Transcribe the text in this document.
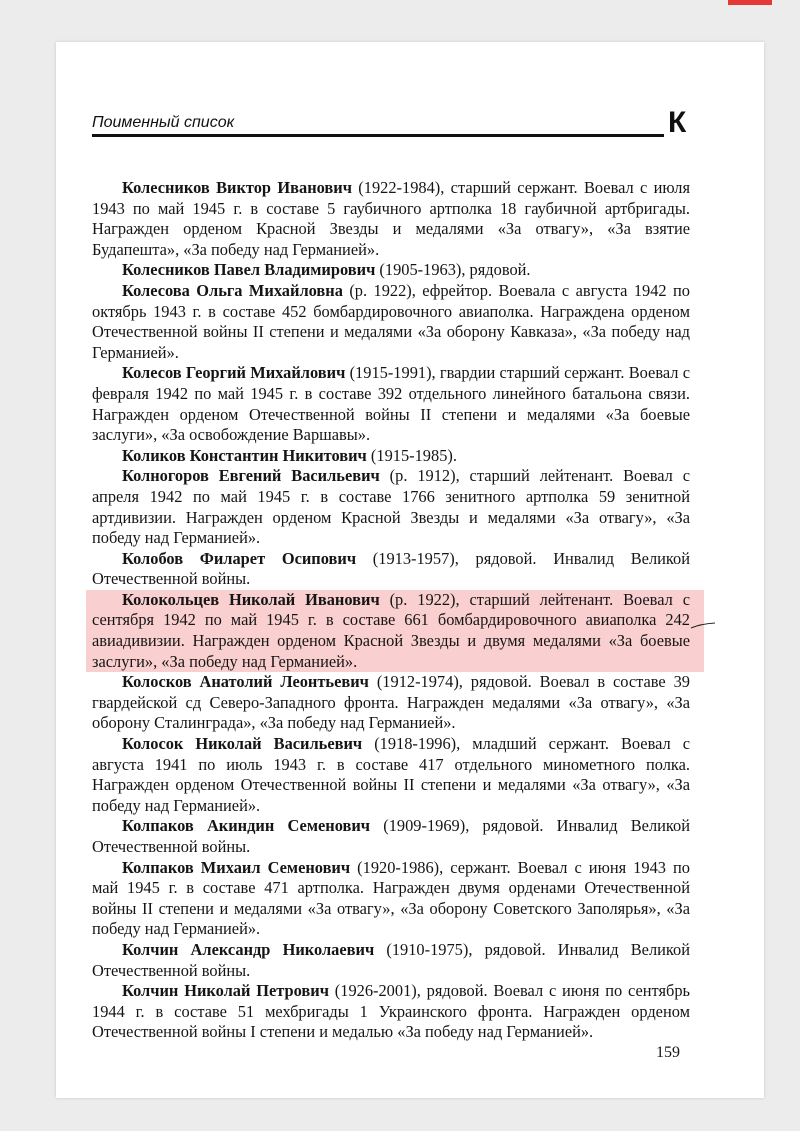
Поименный список	К

Колесников Виктор Иванович (1922-1984), старший сержант. Воевал с июля 1943 по май 1945 г. в составе 5 гаубичного артполка 18 гаубичной артбригады. Награжден орденом Красной Звезды и медалями «За отвагу», «За взятие Будапешта», «За победу над Германией».

Колесников Павел Владимирович (1905-1963), рядовой.

Колесова Ольга Михайловна (р. 1922), ефрейтор. Воевала с августа 1942 по октябрь 1943 г. в составе 452 бомбардировочного авиаполка. Награждена орденом Отечественной войны II степени и медалями «За оборону Кавказа», «За победу над Германией».

Колесов Георгий Михайлович (1915-1991), гвардии старший сержант. Воевал с февраля 1942 по май 1945 г. в составе 392 отдельного линейного батальона связи. Награжден орденом Отечественной войны II степени и медалями «За боевые заслуги», «За освобождение Варшавы».

Коликов Константин Никитович (1915-1985).

Колногоров Евгений Васильевич (р. 1912), старший лейтенант. Воевал с апреля 1942 по май 1945 г. в составе 1766 зенитного артполка 59 зенитной артдивизии. Награжден орденом Красной Звезды и медалями «За отвагу», «За победу над Германией».

Колобов Филарет Осипович (1913-1957), рядовой. Инвалид Великой Отечественной войны.

Колокольцев Николай Иванович (р. 1922), старший лейтенант. Воевал с сентября 1942 по май 1945 г. в составе 661 бомбардировочного авиаполка 242 авиадивизии. Награжден орденом Красной Звезды и двумя медалями «За боевые заслуги», «За победу над Германией».

Колосков Анатолий Леонтьевич (1912-1974), рядовой. Воевал в составе 39 гвардейской сд Северо-Западного фронта. Награжден медалями «За отвагу», «За оборону Сталинграда», «За победу над Германией».

Колосок Николай Васильевич (1918-1996), младший сержант. Воевал с августа 1941 по июль 1943 г. в составе 417 отдельного минометного полка. Награжден орденом Отечественной войны II степени и медалями «За отвагу», «За победу над Германией».

Колпаков Акиндин Семенович (1909-1969), рядовой. Инвалид Великой Отечественной войны.

Колпаков Михаил Семенович (1920-1986), сержант. Воевал с июня 1943 по май 1945 г. в составе 471 артполка. Награжден двумя орденами Отечественной войны II степени и медалями «За отвагу», «За оборону Советского Заполярья», «За победу над Германией».

Колчин Александр Николаевич (1910-1975), рядовой. Инвалид Великой Отечественной войны.

Колчин Николай Петрович (1926-2001), рядовой. Воевал с июня по сентябрь 1944 г. в составе 51 мехбригады 1 Украинского фронта. Награжден орденом Отечественной войны I степени и медалью «За победу над Германией».

159
